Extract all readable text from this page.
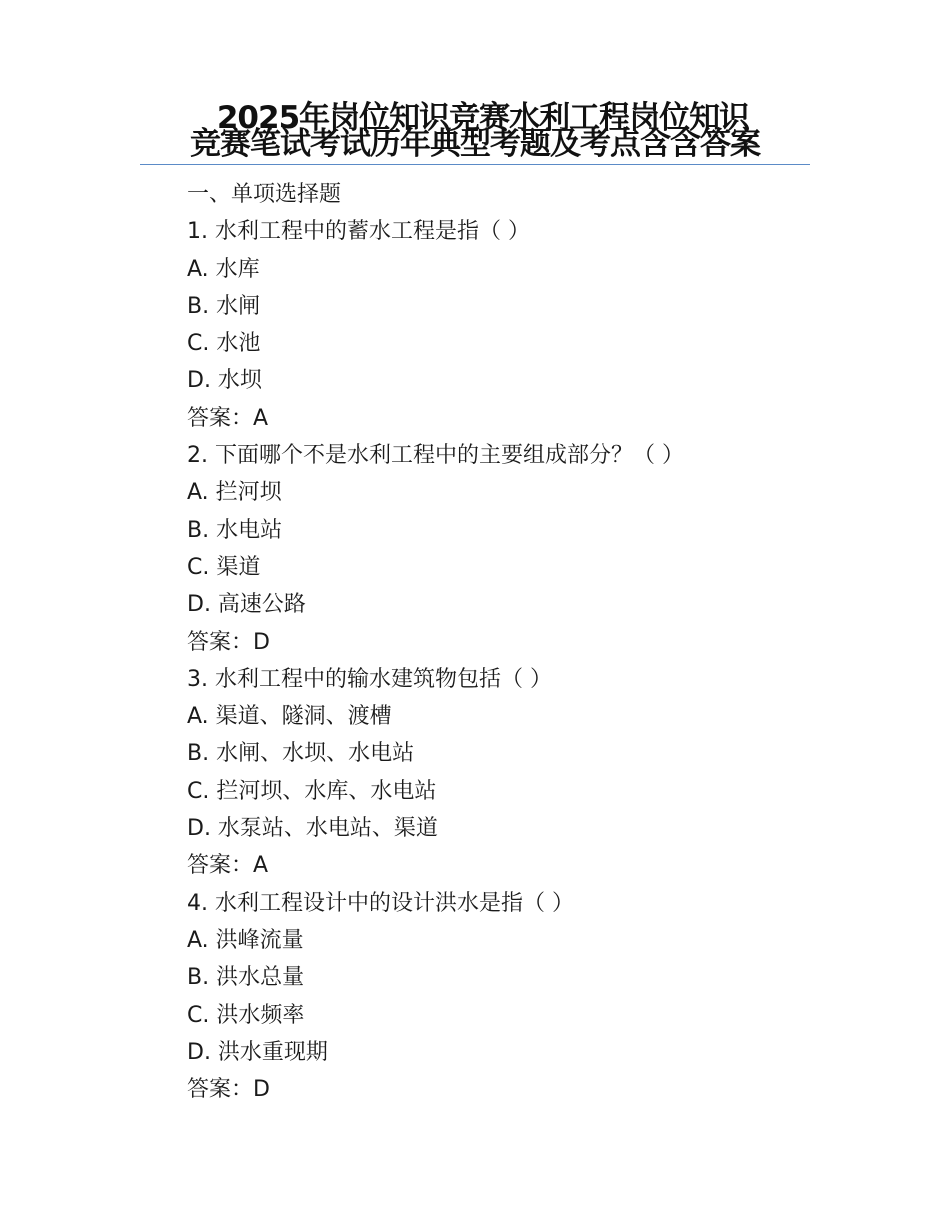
2025年岗位知识竞赛水利工程岗位知识
竞赛笔试考试历年典型考题及考点含含答案
一、单项选择题
1. 水利工程中的蓄水工程是指（ ）
A. 水库
B. 水闸
C. 水池
D. 水坝
答案：A
2. 下面哪个不是水利工程中的主要组成部分？（ ）
A. 拦河坝
B. 水电站
C. 渠道
D. 高速公路
答案：D
3. 水利工程中的输水建筑物包括（ ）
A. 渠道、隧洞、渡槽
B. 水闸、水坝、水电站
C. 拦河坝、水库、水电站
D. 水泵站、水电站、渠道
答案：A
4. 水利工程设计中的设计洪水是指（ ）
A. 洪峰流量
B. 洪水总量
C. 洪水频率
D. 洪水重现期
答案：D
